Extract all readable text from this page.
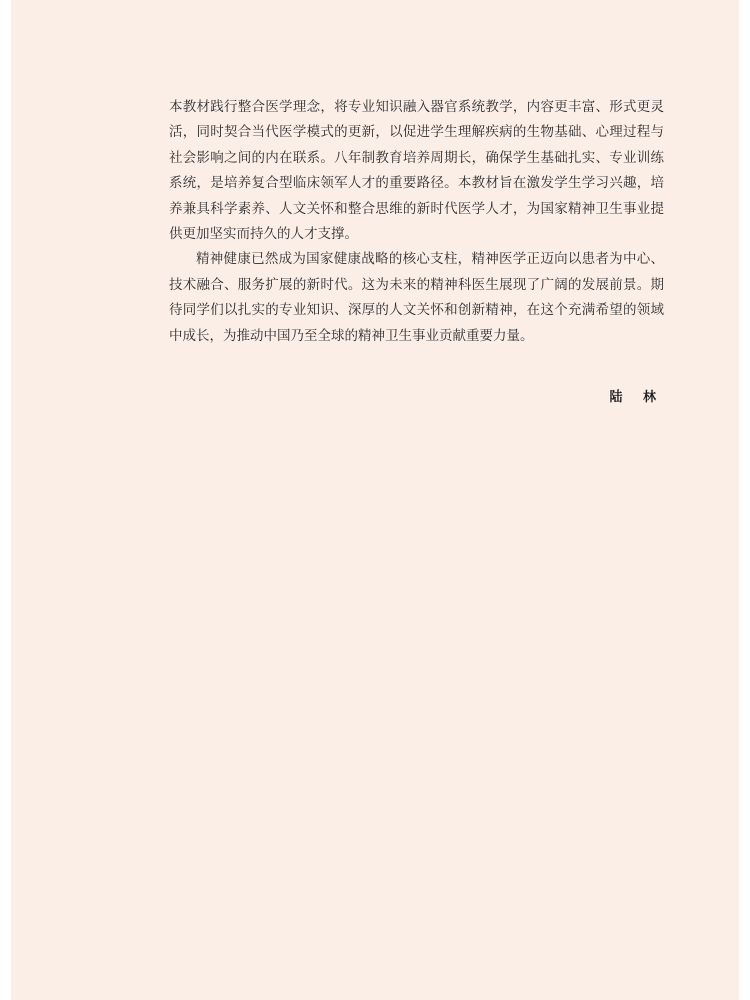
本教材践行整合医学理念，将专业知识融入器官系统教学，内容更丰富、形式更灵活，同时契合当代医学模式的更新，以促进学生理解疾病的生物基础、心理过程与社会影响之间的内在联系。八年制教育培养周期长，确保学生基础扎实、专业训练系统，是培养复合型临床领军人才的重要路径。本教材旨在激发学生学习兴趣，培养兼具科学素养、人文关怀和整合思维的新时代医学人才，为国家精神卫生事业提供更加坚实而持久的人才支撑。

精神健康已然成为国家健康战略的核心支柱，精神医学正迈向以患者为中心、技术融合、服务扩展的新时代。这为未来的精神科医生展现了广阔的发展前景。期待同学们以扎实的专业知识、深厚的人文关怀和创新精神，在这个充满希望的领域中成长，为推动中国乃至全球的精神卫生事业贡献重要力量。

陆 林
